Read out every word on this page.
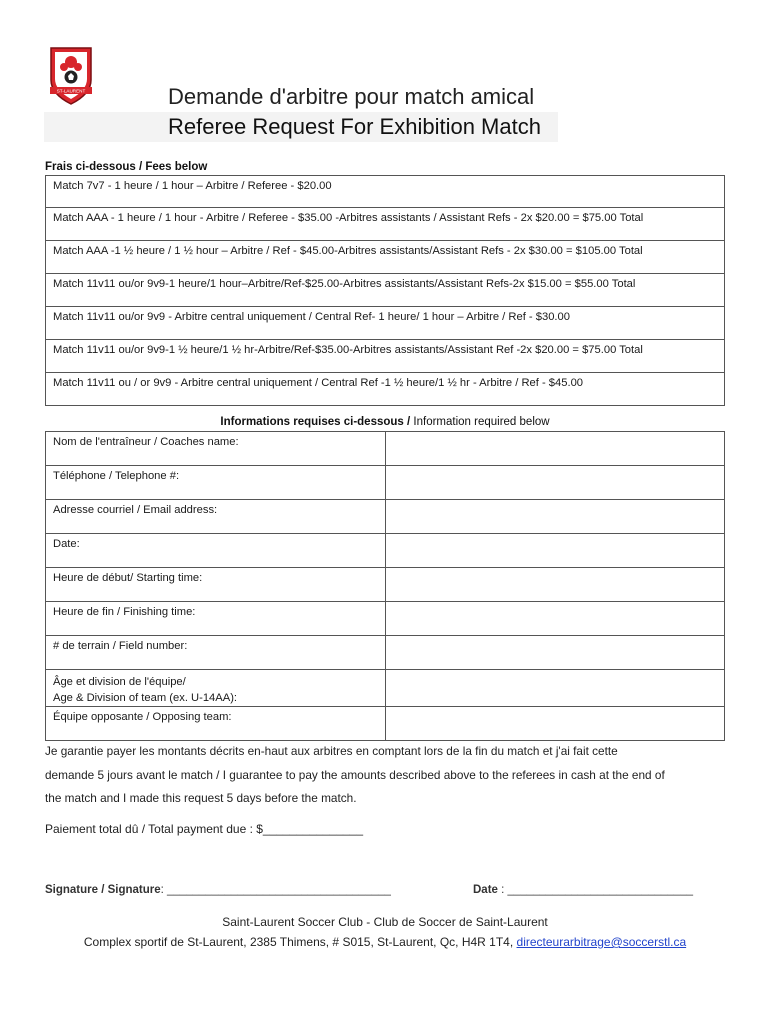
ST-LAURENT	Demande d'arbitre pour match amical
Referee Request For Exhibition Match
Frais ci-dessous / Fees below
Match 7v7 - 1 heure / 1 hour – Arbitre / Referee - $20.00
Match AAA - 1 heure / 1 hour - Arbitre / Referee - $35.00 -Arbitres assistants / Assistant Refs - 2x $20.00 = $75.00 Total
Match AAA -1 ½ heure / 1 ½ hour – Arbitre / Ref - $45.00-Arbitres assistants/Assistant Refs - 2x $30.00 = $105.00 Total
Match 11v11 ou/or 9v9-1 heure/1 hour–Arbitre/Ref-$25.00-Arbitres assistants/Assistant Refs-2x $15.00 = $55.00 Total
Match 11v11 ou/or 9v9 - Arbitre central uniquement / Central Ref- 1 heure/ 1 hour – Arbitre / Ref - $30.00
Match 11v11 ou/or 9v9-1 ½ heure/1 ½ hr-Arbitre/Ref-$35.00-Arbitres assistants/Assistant Ref -2x $20.00 = $75.00 Total
Match 11v11 ou / or 9v9 - Arbitre central uniquement / Central Ref -1 ½ heure/1 ½ hr - Arbitre / Ref - $45.00
Informations requises ci-dessous / Information required below
Nom de l'entraîneur / Coaches name:	
Téléphone / Telephone #:	
Adresse courriel / Email address:	
Date:	
Heure de début/ Starting time:	
Heure de fin / Finishing time:	
# de terrain / Field number:	

Âge et division de l'équipe/
Age & Division of team (ex. U-14AA):	

Équipe opposante / Opposing team:	
Je garantie payer les montants décrits en-haut aux arbitres en comptant lors de la fin du match et j'ai fait cette
demande 5 jours avant le match / I guarantee to pay the amounts described above to the referees in cash at the end of
the match and I made this request 5 days before the match.
Paiement total dû / Total payment due : $_______________
Signature / Signature: ___________________________________	Date : _____________________________
Saint-Laurent Soccer Club - Club de Soccer de Saint-Laurent
Complex sportif de St-Laurent, 2385 Thimens, # S015, St-Laurent, Qc, H4R 1T4, directeurarbitrage@soccerstl.ca
